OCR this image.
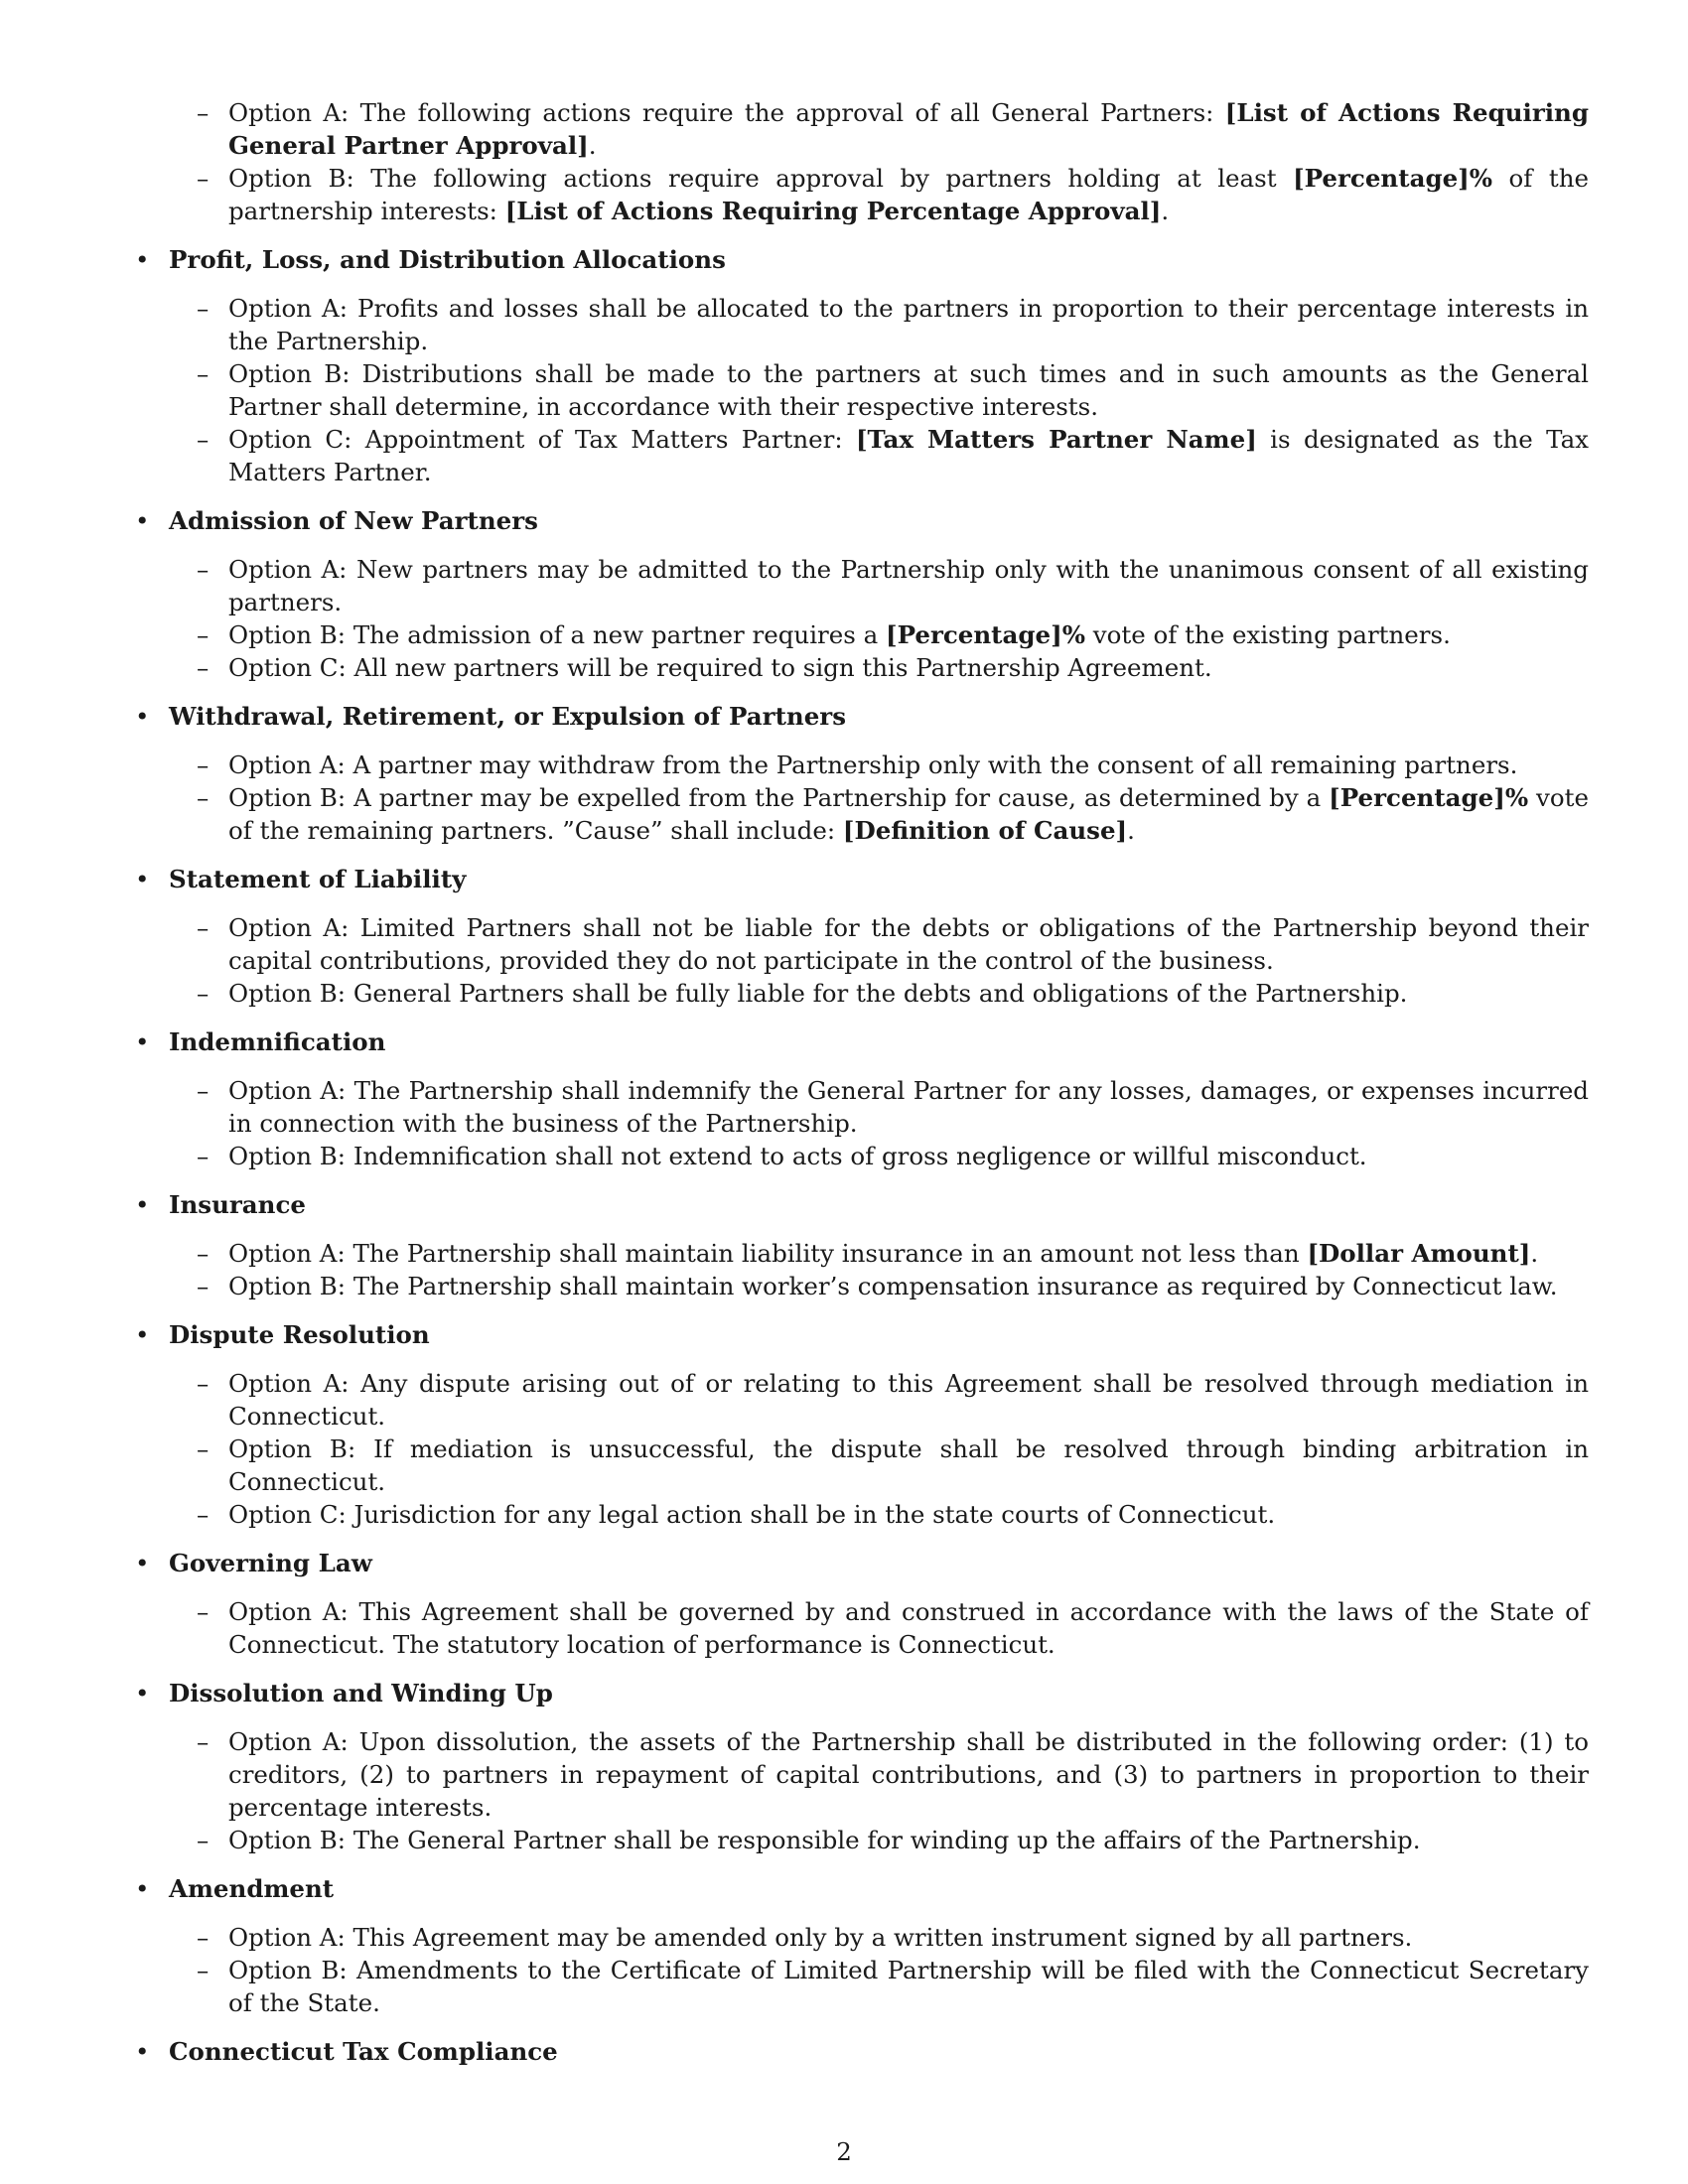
– Option A: The following actions require the approval of all General Partners: [List of Actions Requiring General Partner Approval].
– Option B: The following actions require approval by partners holding at least [Percentage]% of the partnership interests: [List of Actions Requiring Percentage Approval].
• Profit, Loss, and Distribution Allocations
– Option A: Profits and losses shall be allocated to the partners in proportion to their percentage interests in the Partnership.
– Option B: Distributions shall be made to the partners at such times and in such amounts as the General Partner shall determine, in accordance with their respective interests.
– Option C: Appointment of Tax Matters Partner: [Tax Matters Partner Name] is designated as the Tax Matters Partner.
• Admission of New Partners
– Option A: New partners may be admitted to the Partnership only with the unanimous consent of all existing partners.
– Option B: The admission of a new partner requires a [Percentage]% vote of the existing partners.
– Option C: All new partners will be required to sign this Partnership Agreement.
• Withdrawal, Retirement, or Expulsion of Partners
– Option A: A partner may withdraw from the Partnership only with the consent of all remaining partners.
– Option B: A partner may be expelled from the Partnership for cause, as determined by a [Percentage]% vote of the remaining partners. ”Cause” shall include: [Definition of Cause].
• Statement of Liability
– Option A: Limited Partners shall not be liable for the debts or obligations of the Partnership beyond their capital contributions, provided they do not participate in the control of the business.
– Option B: General Partners shall be fully liable for the debts and obligations of the Partnership.
• Indemnification
– Option A: The Partnership shall indemnify the General Partner for any losses, damages, or expenses incurred in connection with the business of the Partnership.
– Option B: Indemnification shall not extend to acts of gross negligence or willful misconduct.
• Insurance
– Option A: The Partnership shall maintain liability insurance in an amount not less than [Dollar Amount].
– Option B: The Partnership shall maintain worker’s compensation insurance as required by Connecticut law.
• Dispute Resolution
– Option A: Any dispute arising out of or relating to this Agreement shall be resolved through mediation in Connecticut.
– Option B: If mediation is unsuccessful, the dispute shall be resolved through binding arbitration in Connecticut.
– Option C: Jurisdiction for any legal action shall be in the state courts of Connecticut.
• Governing Law
– Option A: This Agreement shall be governed by and construed in accordance with the laws of the State of Connecticut. The statutory location of performance is Connecticut.
• Dissolution and Winding Up
– Option A: Upon dissolution, the assets of the Partnership shall be distributed in the following order: (1) to creditors, (2) to partners in repayment of capital contributions, and (3) to partners in proportion to their percentage interests.
– Option B: The General Partner shall be responsible for winding up the affairs of the Partnership.
• Amendment
– Option A: This Agreement may be amended only by a written instrument signed by all partners.
– Option B: Amendments to the Certificate of Limited Partnership will be filed with the Connecticut Secretary of the State.
• Connecticut Tax Compliance
2
